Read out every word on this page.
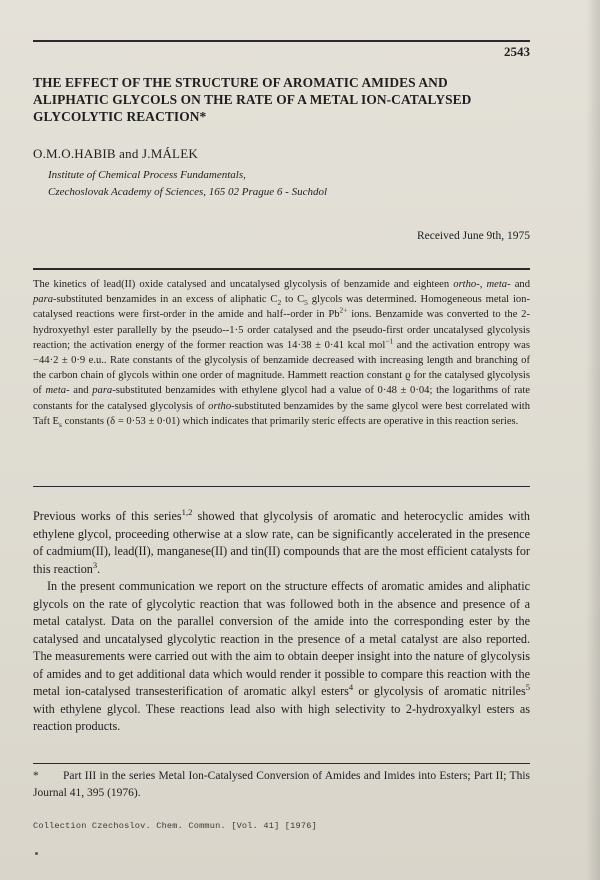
2543
THE EFFECT OF THE STRUCTURE OF AROMATIC AMIDES AND ALIPHATIC GLYCOLS ON THE RATE OF A METAL ION-CATALYSED GLYCOLYTIC REACTION*
O.M.O.HABIB and J.MÁLEK
Institute of Chemical Process Fundamentals,
Czechoslovak Academy of Sciences, 165 02 Prague 6 - Suchdol
Received June 9th, 1975

The kinetics of lead(II) oxide catalysed and uncatalysed glycolysis of benzamide and eighteen ortho-, meta- and para-substituted benzamides in an excess of aliphatic $C_2$ to $C_5$ glycols was determined. Homogeneous metal ion-catalysed reactions were first-order in the amide and half--order in $Pb^{2+}$ ions. Benzamide was converted to the 2-hydroxyethyl ester parallelly by the pseudo--1·5 order catalysed and the pseudo-first order uncatalysed glycolysis reaction; the activation energy of the former reaction was 14·38 ± 0·41 kcal mol$^{-1}$ and the activation entropy was −44·2 ± 0·9 e.u.. Rate constants of the glycolysis of benzamide decreased with increasing length and branching of the carbon chain of glycols within one order of magnitude. Hammett reaction constant ϱ for the catalysed glycolysis of meta- and para-substituted benzamides with ethylene glycol had a value of 0·48 ± 0·04; the logarithms of rate constants for the catalysed glycolysis of ortho-substituted benzamides by the same glycol were best correlated with Taft $E_s$ constants (δ = 0·53 ± 0·01) which indicates that primarily steric effects are operative in this reaction series.

Previous works of this series$^{1,2}$ showed that glycolysis of aromatic and heterocyclic amides with ethylene glycol, proceeding otherwise at a slow rate, can be significantly accelerated in the presence of cadmium(II), lead(II), manganese(II) and tin(II) compounds that are the most efficient catalysts for this reaction$^3$.

In the present communication we report on the structure effects of aromatic amides and aliphatic glycols on the rate of glycolytic reaction that was followed both in the absence and presence of a metal catalyst. Data on the parallel conversion of the amide into the corresponding ester by the catalysed and uncatalysed glycolytic reaction in the presence of a metal catalyst are also reported. The measurements were carried out with the aim to obtain deeper insight into the nature of glycolysis of amides and to get additional data which would render it possible to compare this reaction with the metal ion-catalysed transesterification of aromatic alkyl esters$^4$ or glycolysis of aromatic nitriles$^5$ with ethylene glycol. These reactions lead also with high selectivity to 2-hydroxyalkyl esters as reaction products.

* Part III in the series Metal Ion-Catalysed Conversion of Amides and Imides into Esters; Part II; This Journal 41, 395 (1976).
Collection Czechoslov. Chem. Commun. [Vol. 41] [1976]
